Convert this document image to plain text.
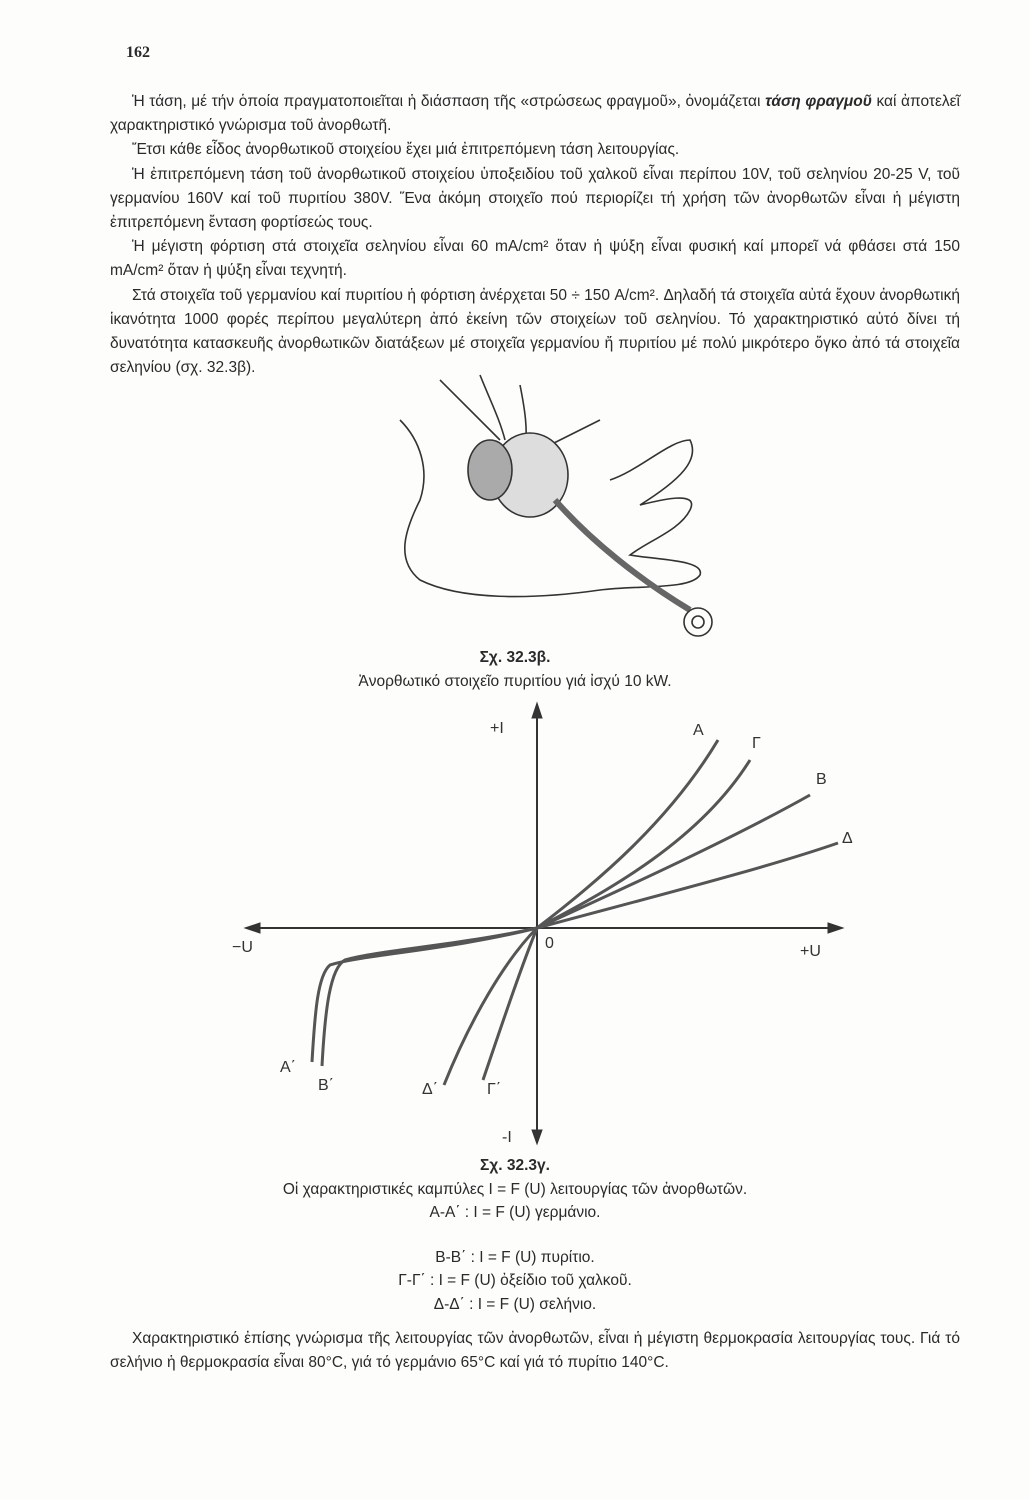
162

Ἡ τάση, μέ τήν ὁποία πραγματοποιεῖται ἡ διάσπαση τῆς «στρώσεως φραγμοῦ», ὀνομάζεται τάση φραγμοῦ καί ἀποτελεῖ χαρακτηριστικό γνώρισμα τοῦ ἀνορθωτῆ.

Ἔτσι κάθε εἶδος ἀνορθωτικοῦ στοιχείου ἔχει μιά ἐπιτρεπόμενη τάση λειτουργίας.

Ἡ ἐπιτρεπόμενη τάση τοῦ ἀνορθωτικοῦ στοιχείου ὑποξειδίου τοῦ χαλκοῦ εἶναι περίπου 10V, τοῦ σεληνίου 20-25 V, τοῦ γερμανίου 160V καί τοῦ πυριτίου 380V. Ἕνα ἀκόμη στοιχεῖο πού περιορίζει τή χρήση τῶν ἀνορθωτῶν εἶναι ἡ μέγιστη ἐπιτρεπόμενη ἔνταση φορτίσεώς τους.

Ἡ μέγιστη φόρτιση στά στοιχεῖα σεληνίου εἶναι 60 mA/cm² ὅταν ἡ ψύξη εἶναι φυσική καί μπορεῖ νά φθάσει στά 150 mA/cm² ὅταν ἡ ψύξη εἶναι τεχνητή.

Στά στοιχεῖα τοῦ γερμανίου καί πυριτίου ἡ φόρτιση ἀνέρχεται 50 ÷ 150 A/cm². Δηλαδή τά στοιχεῖα αὐτά ἔχουν ἀνορθωτική ἱκανότητα 1000 φορές περίπου μεγαλύτερη ἀπό ἐκείνη τῶν στοιχείων τοῦ σεληνίου. Τό χαρακτηριστικό αὐτό δίνει τή δυνατότητα κατασκευῆς ἀνορθωτικῶν διατάξεων μέ στοιχεῖα γερμανίου ἤ πυριτίου μέ πολύ μικρότερο ὄγκο ἀπό τά στοιχεῖα σεληνίου (σχ. 32.3β).

+I
-I
−U	+U
0
A
Γ
B
Δ
A΄
B΄	Δ΄	Γ΄
Σχ. 32.3β.
Ἀνορθωτικό στοιχεῖο πυριτίου γιά ἰσχύ 10 kW.
Σχ. 32.3γ.
Οἱ χαρακτηριστικές καμπύλες I = F (U) λειτουργίας τῶν ἀνορθωτῶν.
A-A΄ : I = F (U) γερμάνιο.
B-B΄ : I = F (U) πυρίτιο.
Γ-Γ΄ : I = F (U) ὀξείδιο τοῦ χαλκοῦ.
Δ-Δ΄ : I = F (U) σελήνιο.

Χαρακτηριστικό ἐπίσης γνώρισμα τῆς λειτουργίας τῶν ἀνορθωτῶν, εἶναι ἡ μέγιστη θερμοκρασία λειτουργίας τους. Γιά τό σελήνιο ἡ θερμοκρασία εἶναι 80°C, γιά τό γερμάνιο 65°C καί γιά τό πυρίτιο 140°C.
